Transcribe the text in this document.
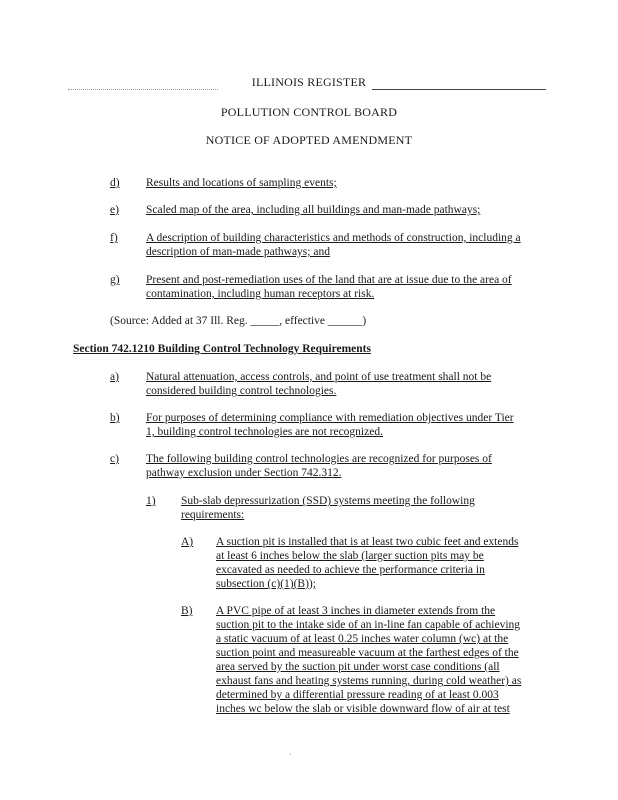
ILLINOIS REGISTER
POLLUTION CONTROL BOARD
NOTICE OF ADOPTED AMENDMENT
d) Results and locations of sampling events;
e) Scaled map of the area, including all buildings and man-made pathways;
f) A description of building characteristics and methods of construction, including a
description of man-made pathways; and
g) Present and post-remediation uses of the land that are at issue due to the area of
contamination, including human receptors at risk.
(Source: Added at 37 Ill. Reg. _____, effective ______)
Section 742.1210 Building Control Technology Requirements
a) Natural attenuation, access controls, and point of use treatment shall not be
considered building control technologies.
b) For purposes of determining compliance with remediation objectives under Tier
1, building control technologies are not recognized.
c) The following building control technologies are recognized for purposes of
pathway exclusion under Section 742.312.
1) Sub-slab depressurization (SSD) systems meeting the following
requirements:
A) A suction pit is installed that is at least two cubic feet and extends
at least 6 inches below the slab (larger suction pits may be
excavated as needed to achieve the performance criteria in
subsection (c)(1)(B));
B) A PVC pipe of at least 3 inches in diameter extends from the
suction pit to the intake side of an in-line fan capable of achieving
a static vacuum of at least 0.25 inches water column (wc) at the
suction point and measureable vacuum at the farthest edges of the
area served by the suction pit under worst case conditions (all
exhaust fans and heating systems running, during cold weather) as
determined by a differential pressure reading of at least 0.003
inches wc below the slab or visible downward flow of air at test
·
